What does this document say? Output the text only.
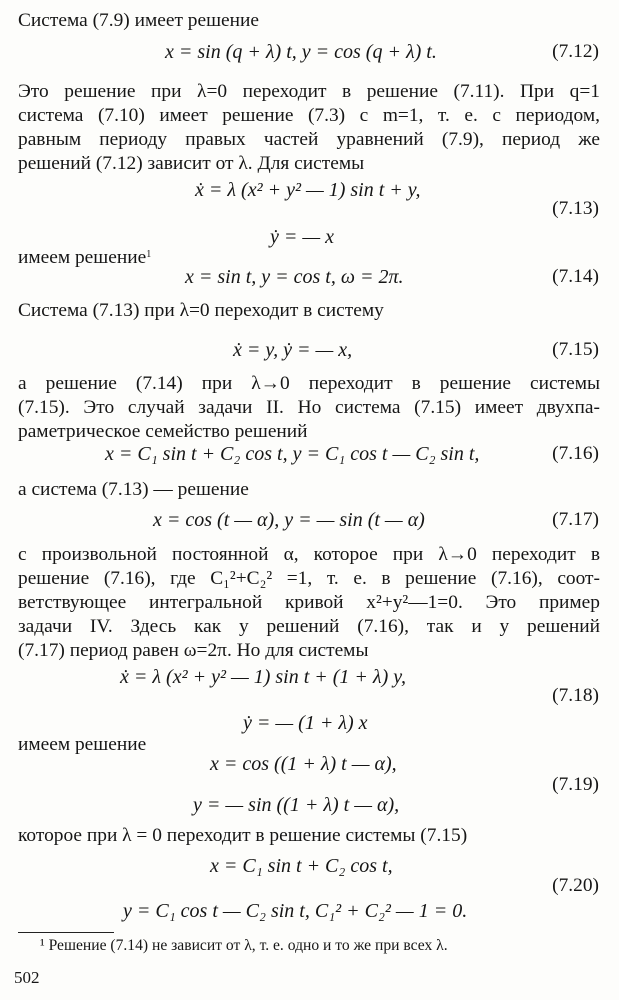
Система (7.9) имеет решение
x = sin (q + λ) t, y = cos (q + λ) t.	(7.12)
Это решение при λ=0 переходит в решение (7.11). При q=1
система (7.10) имеет решение (7.3) с m=1, т. е. с периодом,
равным периоду правых частей уравнений (7.9), период же
решений (7.12) зависит от λ. Для системы
ẋ = λ (x² + y² — 1) sin t + y,
(7.13)
ẏ = — x
имеем решение$^1$
x = sin t, y = cos t, ω = 2π.	(7.14)
Система (7.13) при λ=0 переходит в систему
ẋ = y, ẏ = — x,	(7.15)
а решение (7.14) при λ→0 переходит в решение системы
(7.15). Это случай задачи II. Но система (7.15) имеет двухпа-
раметрическое семейство решений
x = C₁ sin t + C₂ cos t, y = C₁ cos t — C₂ sin t,	(7.16)
а система (7.13) — решение
x = cos (t — α), y = — sin (t — α)	(7.17)
с произвольной постоянной α, которое при λ→0 переходит в
решение (7.16), где C₁²+C₂² =1, т. е. в решение (7.16), соот-
ветствующее интегральной кривой x²+y²—1=0. Это пример
задачи IV. Здесь как у решений (7.16), так и у решений
(7.17) период равен ω=2π. Но для системы
ẋ = λ (x² + y² — 1) sin t + (1 + λ) y,
(7.18)
ẏ = — (1 + λ) x
имеем решение
x = cos ((1 + λ) t — α),
(7.19)
y = — sin ((1 + λ) t — α),
которое при λ = 0 переходит в решение системы (7.15)
x = C₁ sin t + C₂ cos t,
(7.20)
y = C₁ cos t — C₂ sin t, C₁² + C₂² — 1 = 0.
¹ Решение (7.14) не зависит от λ, т. е. одно и то же при всех λ.
502
